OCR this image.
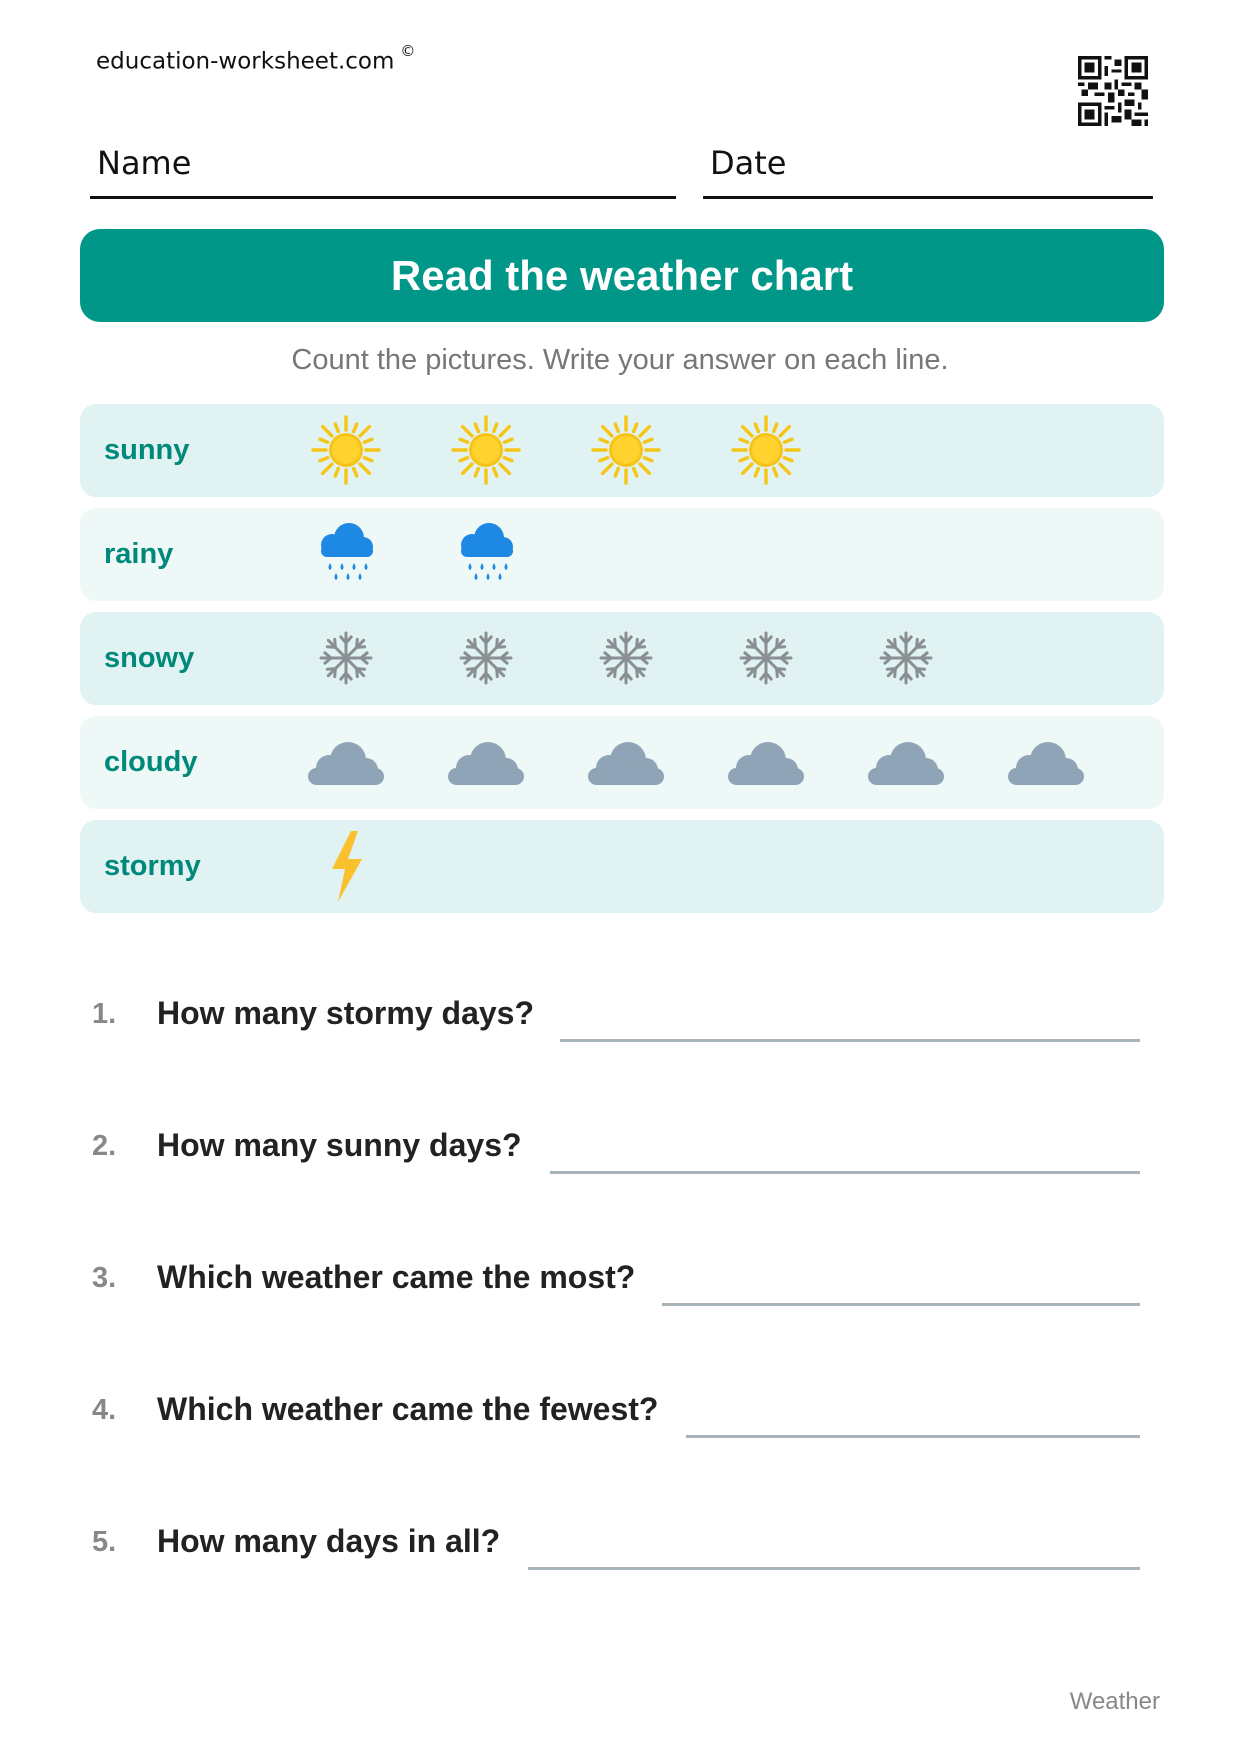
education-worksheet.com ©
Name	Date
Read the weather chart
Count the pictures. Write your answer on each line.
sunny
rainy
snowy
cloudy
stormy
1. How many stormy days?
2. How many sunny days?
3. Which weather came the most?
4. Which weather came the fewest?
5. How many days in all?
Weather
